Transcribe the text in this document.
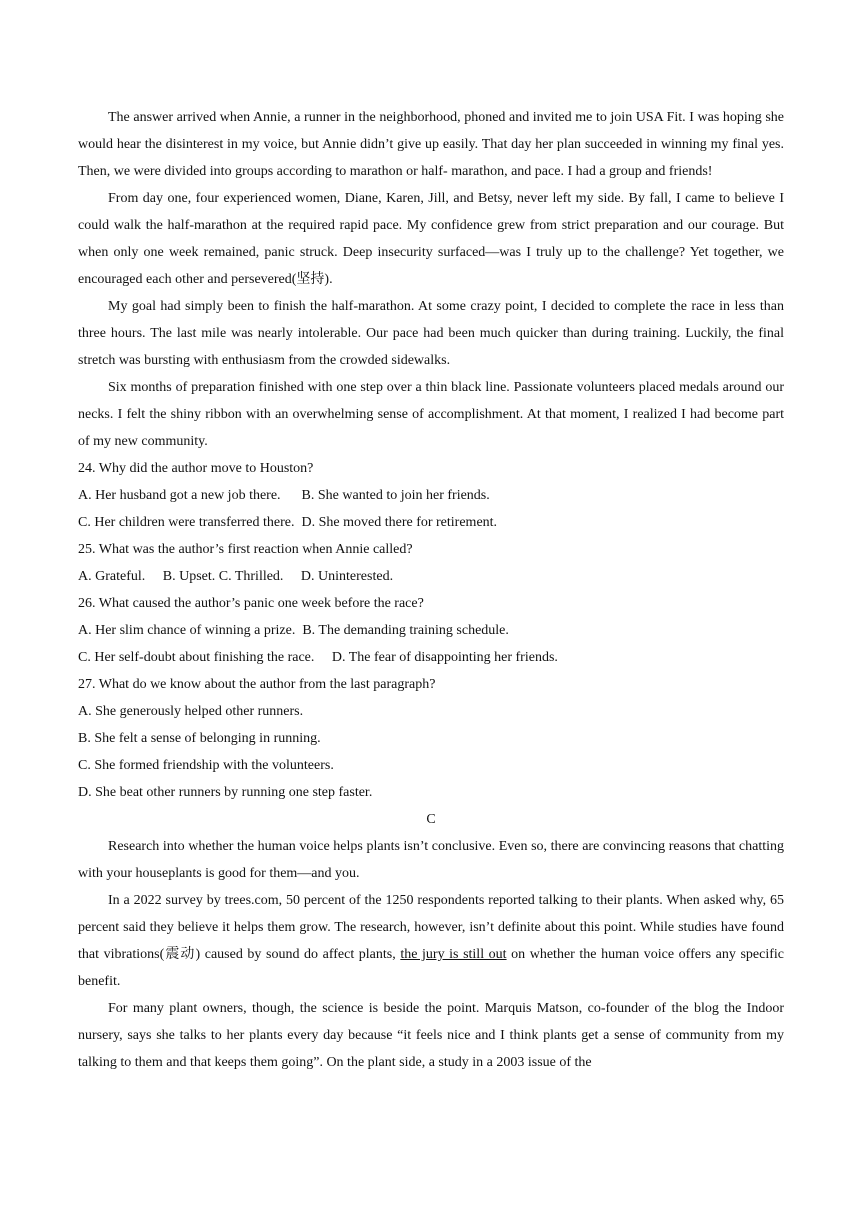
The answer arrived when Annie, a runner in the neighborhood, phoned and invited me to join USA Fit. I was hoping she would hear the disinterest in my voice, but Annie didn’t give up easily. That day her plan succeeded in winning my final yes. Then, we were divided into groups according to marathon or half- marathon, and pace. I had a group and friends!

From day one, four experienced women, Diane, Karen, Jill, and Betsy, never left my side. By fall, I came to believe I could walk the half-marathon at the required rapid pace. My confidence grew from strict preparation and our courage. But when only one week remained, panic struck. Deep insecurity surfaced—was I truly up to the challenge? Yet together, we encouraged each other and persevered(坚持).

My goal had simply been to finish the half-marathon. At some crazy point, I decided to complete the race in less than three hours. The last mile was nearly intolerable. Our pace had been much quicker than during training. Luckily, the final stretch was bursting with enthusiasm from the crowded sidewalks.

Six months of preparation finished with one step over a thin black line. Passionate volunteers placed medals around our necks. I felt the shiny ribbon with an overwhelming sense of accomplishment. At that moment, I realized I had become part of my new community.

24. Why did the author move to Houston?

A. Her husband got a new job there.      B. She wanted to join her friends.

C. Her children were transferred there.  D. She moved there for retirement.

25. What was the author’s first reaction when Annie called?

A. Grateful.     B. Upset. C. Thrilled.     D. Uninterested.

26. What caused the author’s panic one week before the race?

A. Her slim chance of winning a prize.  B. The demanding training schedule.

C. Her self-doubt about finishing the race.     D. The fear of disappointing her friends.

27. What do we know about the author from the last paragraph?

A. She generously helped other runners.

B. She felt a sense of belonging in running.

C. She formed friendship with the volunteers.

D. She beat other runners by running one step faster.

C

Research into whether the human voice helps plants isn’t conclusive. Even so, there are convincing reasons that chatting with your houseplants is good for them—and you.

In a 2022 survey by trees.com, 50 percent of the 1250 respondents reported talking to their plants. When asked why, 65 percent said they believe it helps them grow. The research, however, isn’t definite about this point. While studies have found that vibrations(震动) caused by sound do affect plants, the jury is still out on whether the human voice offers any specific benefit.

For many plant owners, though, the science is beside the point. Marquis Matson, co-founder of the blog the Indoor nursery, says she talks to her plants every day because “it feels nice and I think plants get a sense of community from my talking to them and that keeps them going”. On the plant side, a study in a 2003 issue of the
